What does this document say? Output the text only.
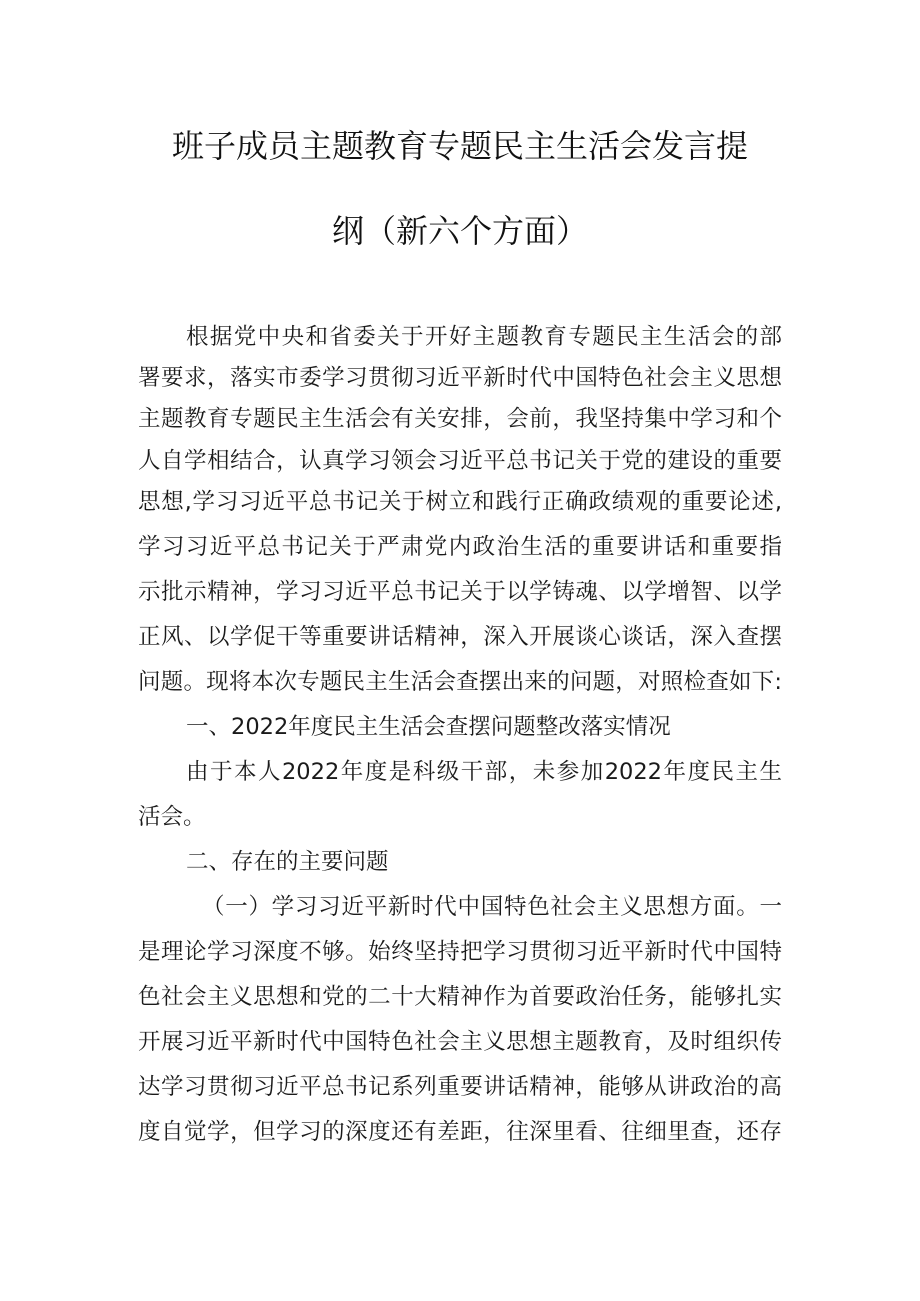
班子成员主题教育专题民主生活会发言提
纲（新六个方面）
根据党中央和省委关于开好主题教育专题民主生活会的部
署要求，落实市委学习贯彻习近平新时代中国特色社会主义思想
主题教育专题民主生活会有关安排，会前，我坚持集中学习和个
人自学相结合，认真学习领会习近平总书记关于党的建设的重要
思想,学习习近平总书记关于树立和践行正确政绩观的重要论述,
学习习近平总书记关于严肃党内政治生活的重要讲话和重要指
示批示精神，学习习近平总书记关于以学铸魂、以学增智、以学
正风、以学促干等重要讲话精神，深入开展谈心谈话，深入查摆
问题。现将本次专题民主生活会查摆出来的问题，对照检查如下:
一、2022年度民主生活会查摆问题整改落实情况
由于本人2022年度是科级干部，未参加2022年度民主生
活会。
二、存在的主要问题
（一）学习习近平新时代中国特色社会主义思想方面。一
是理论学习深度不够。始终坚持把学习贯彻习近平新时代中国特
色社会主义思想和党的二十大精神作为首要政治任务，能够扎实
开展习近平新时代中国特色社会主义思想主题教育，及时组织传
达学习贯彻习近平总书记系列重要讲话精神，能够从讲政治的高
度自觉学，但学习的深度还有差距，往深里看、往细里查，还存
